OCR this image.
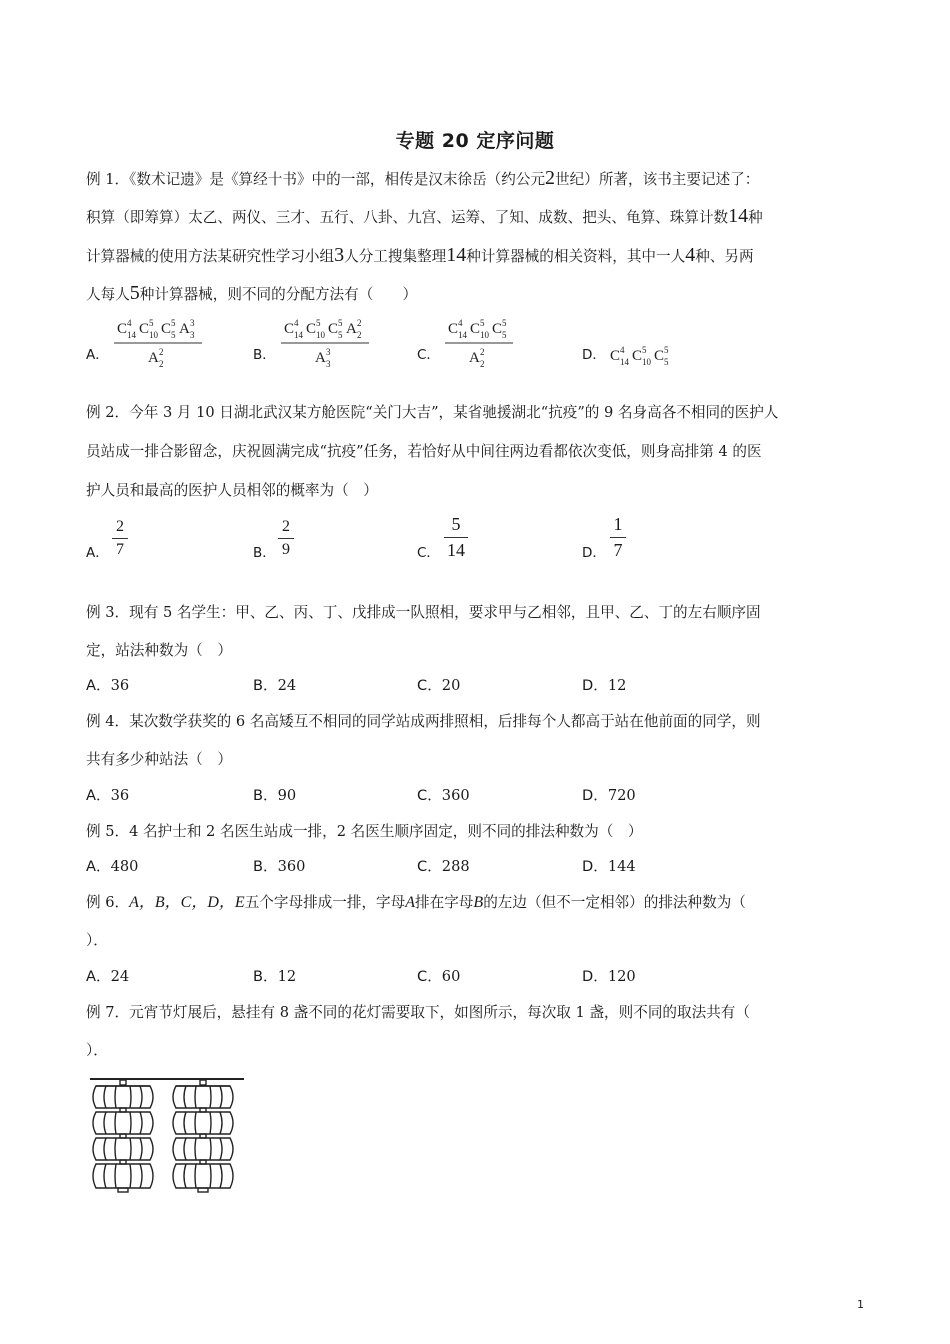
专题 20 定序问题
例 1．《数术记遗》是《算经十书》中的一部，相传是汉末徐岳（约公元2世纪）所著，该书主要记述了：
积算（即筹算）太乙、两仪、三才、五行、八卦、九宫、运筹、了知、成数、把头、龟算、珠算计数14种
计算器械的使用方法某研究性学习小组3人分工搜集整理14种计算器械的相关资料，其中一人4种、另两
人每人5种计算器械，则不同的分配方法有（　　）
A．
C 4
14 C 5
10 C 5
5 A 3
3
A 2
2
B．
C 4
14 C 5
10 C 5
5 A 2
2
A 3
3
C．
C 4
14 C 5
10 C 5
5
A 2
2
D． C 4
14 C 5
10 C 5
5
例 2．今年 3 月 10 日湖北武汉某方舱医院“关门大吉”，某省驰援湖北“抗疫”的 9 名身高各不相同的医护人
员站成一排合影留念，庆祝圆满完成“抗疫”任务，若恰好从中间往两边看都依次变低，则身高排第 4 的医
护人员和最高的医护人员相邻的概率为（　）
A．
2
7	B．
2
9	C．
5
14	D．
1
7
例 3．现有 5 名学生：甲、乙、丙、丁、戊排成一队照相，要求甲与乙相邻，且甲、乙、丁的左右顺序固
定，站法种数为（　）
A．36	B．24	C．20	D．12
例 4．某次数学获奖的 6 名高矮互不相同的同学站成两排照相，后排每个人都高于站在他前面的同学，则
共有多少种站法（　）
A．36	B．90	C．360	D．720
例 5．4 名护士和 2 名医生站成一排，2 名医生顺序固定，则不同的排法种数为（　）
A．480	B．360	C．288	D．144
例 6．A，B，C，D，E五个字母排成一排，字母A排在字母B的左边（但不一定相邻）的排法种数为（
）．
A．24	B．12	C．60	D．120
例 7．元宵节灯展后，悬挂有 8 盏不同的花灯需要取下，如图所示，每次取 1 盏，则不同的取法共有（
）．
1
